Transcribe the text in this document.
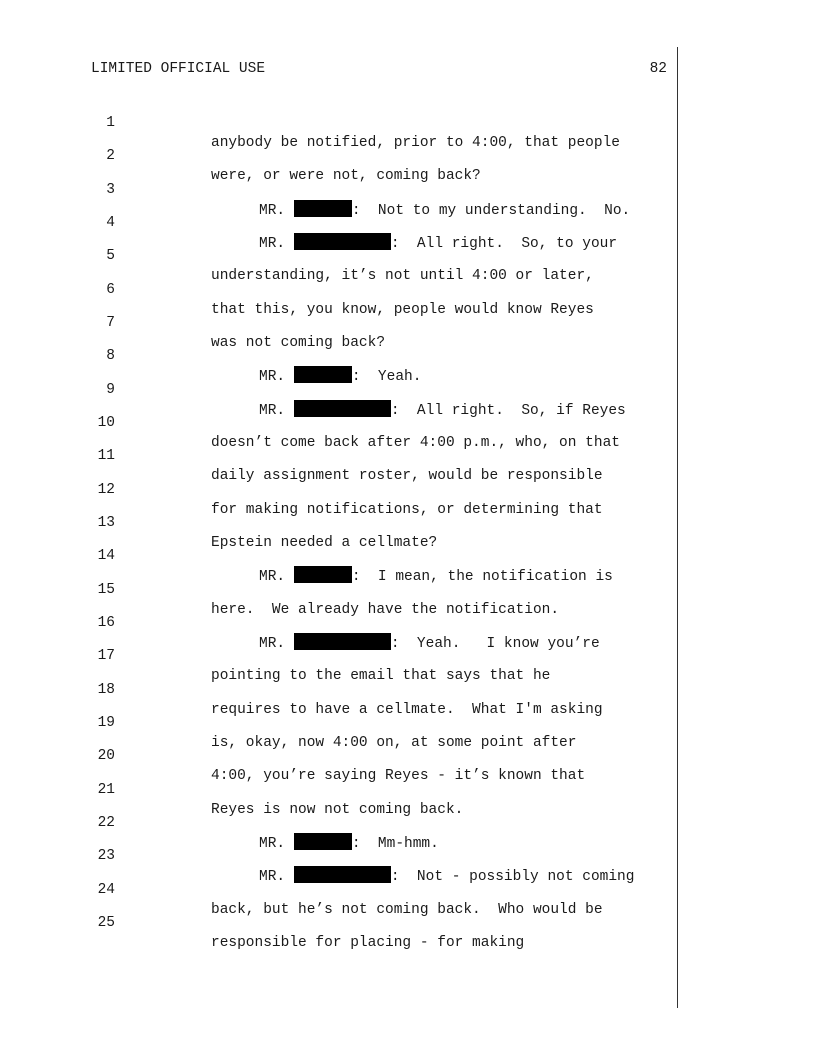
LIMITED OFFICIAL USE	82

1

anybody be notified, prior to 4:00, that people

2

were, or were not, coming back?

3

MR.	:  Not to my understanding.  No.

4

MR.	:  All right.  So, to your

5

understanding, it’s not until 4:00 or later,

6

that this, you know, people would know Reyes

7

was not coming back?

8

MR.	:  Yeah.

9

MR.	:  All right.  So, if Reyes

10

doesn’t come back after 4:00 p.m., who, on that

11

daily assignment roster, would be responsible

12

for making notifications, or determining that

13

Epstein needed a cellmate?

14

MR.	:  I mean, the notification is

15

here.  We already have the notification.

16

MR.	:  Yeah.   I know you’re

17

pointing to the email that says that he

18

requires to have a cellmate.  What I'm asking

19

is, okay, now 4:00 on, at some point after

20

4:00, you’re saying Reyes - it’s known that

21

Reyes is now not coming back.

22

MR.	:  Mm-hmm.

23

MR.	:  Not - possibly not coming

24

back, but he’s not coming back.  Who would be

25

responsible for placing - for making
